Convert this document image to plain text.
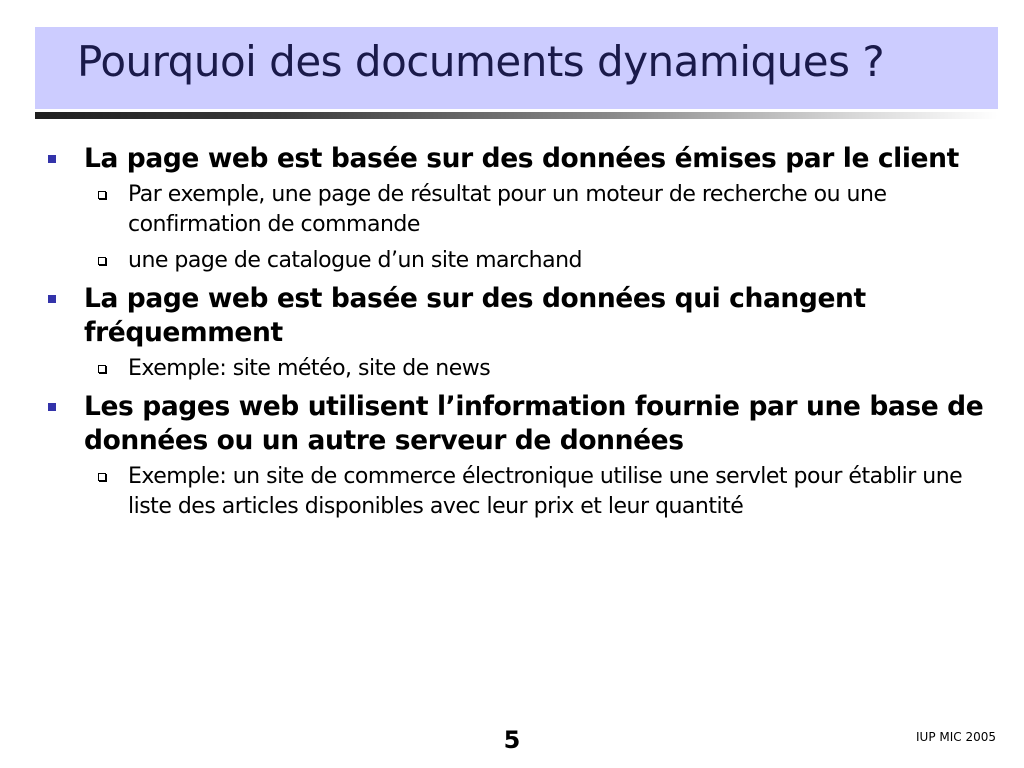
Pourquoi des documents dynamiques ?
La page web est basée sur des données émises par le client
Par exemple, une page de résultat pour un moteur de recherche ou une confirmation de commande
une page de catalogue d’un site marchand
La page web est basée sur des données qui changent fréquemment
Exemple: site météo, site de news
Les pages web utilisent l’information fournie par une base de données ou un autre serveur de données
Exemple: un site de commerce électronique utilise une servlet pour établir une liste des articles disponibles avec leur prix et leur quantité
5	IUP MIC 2005
